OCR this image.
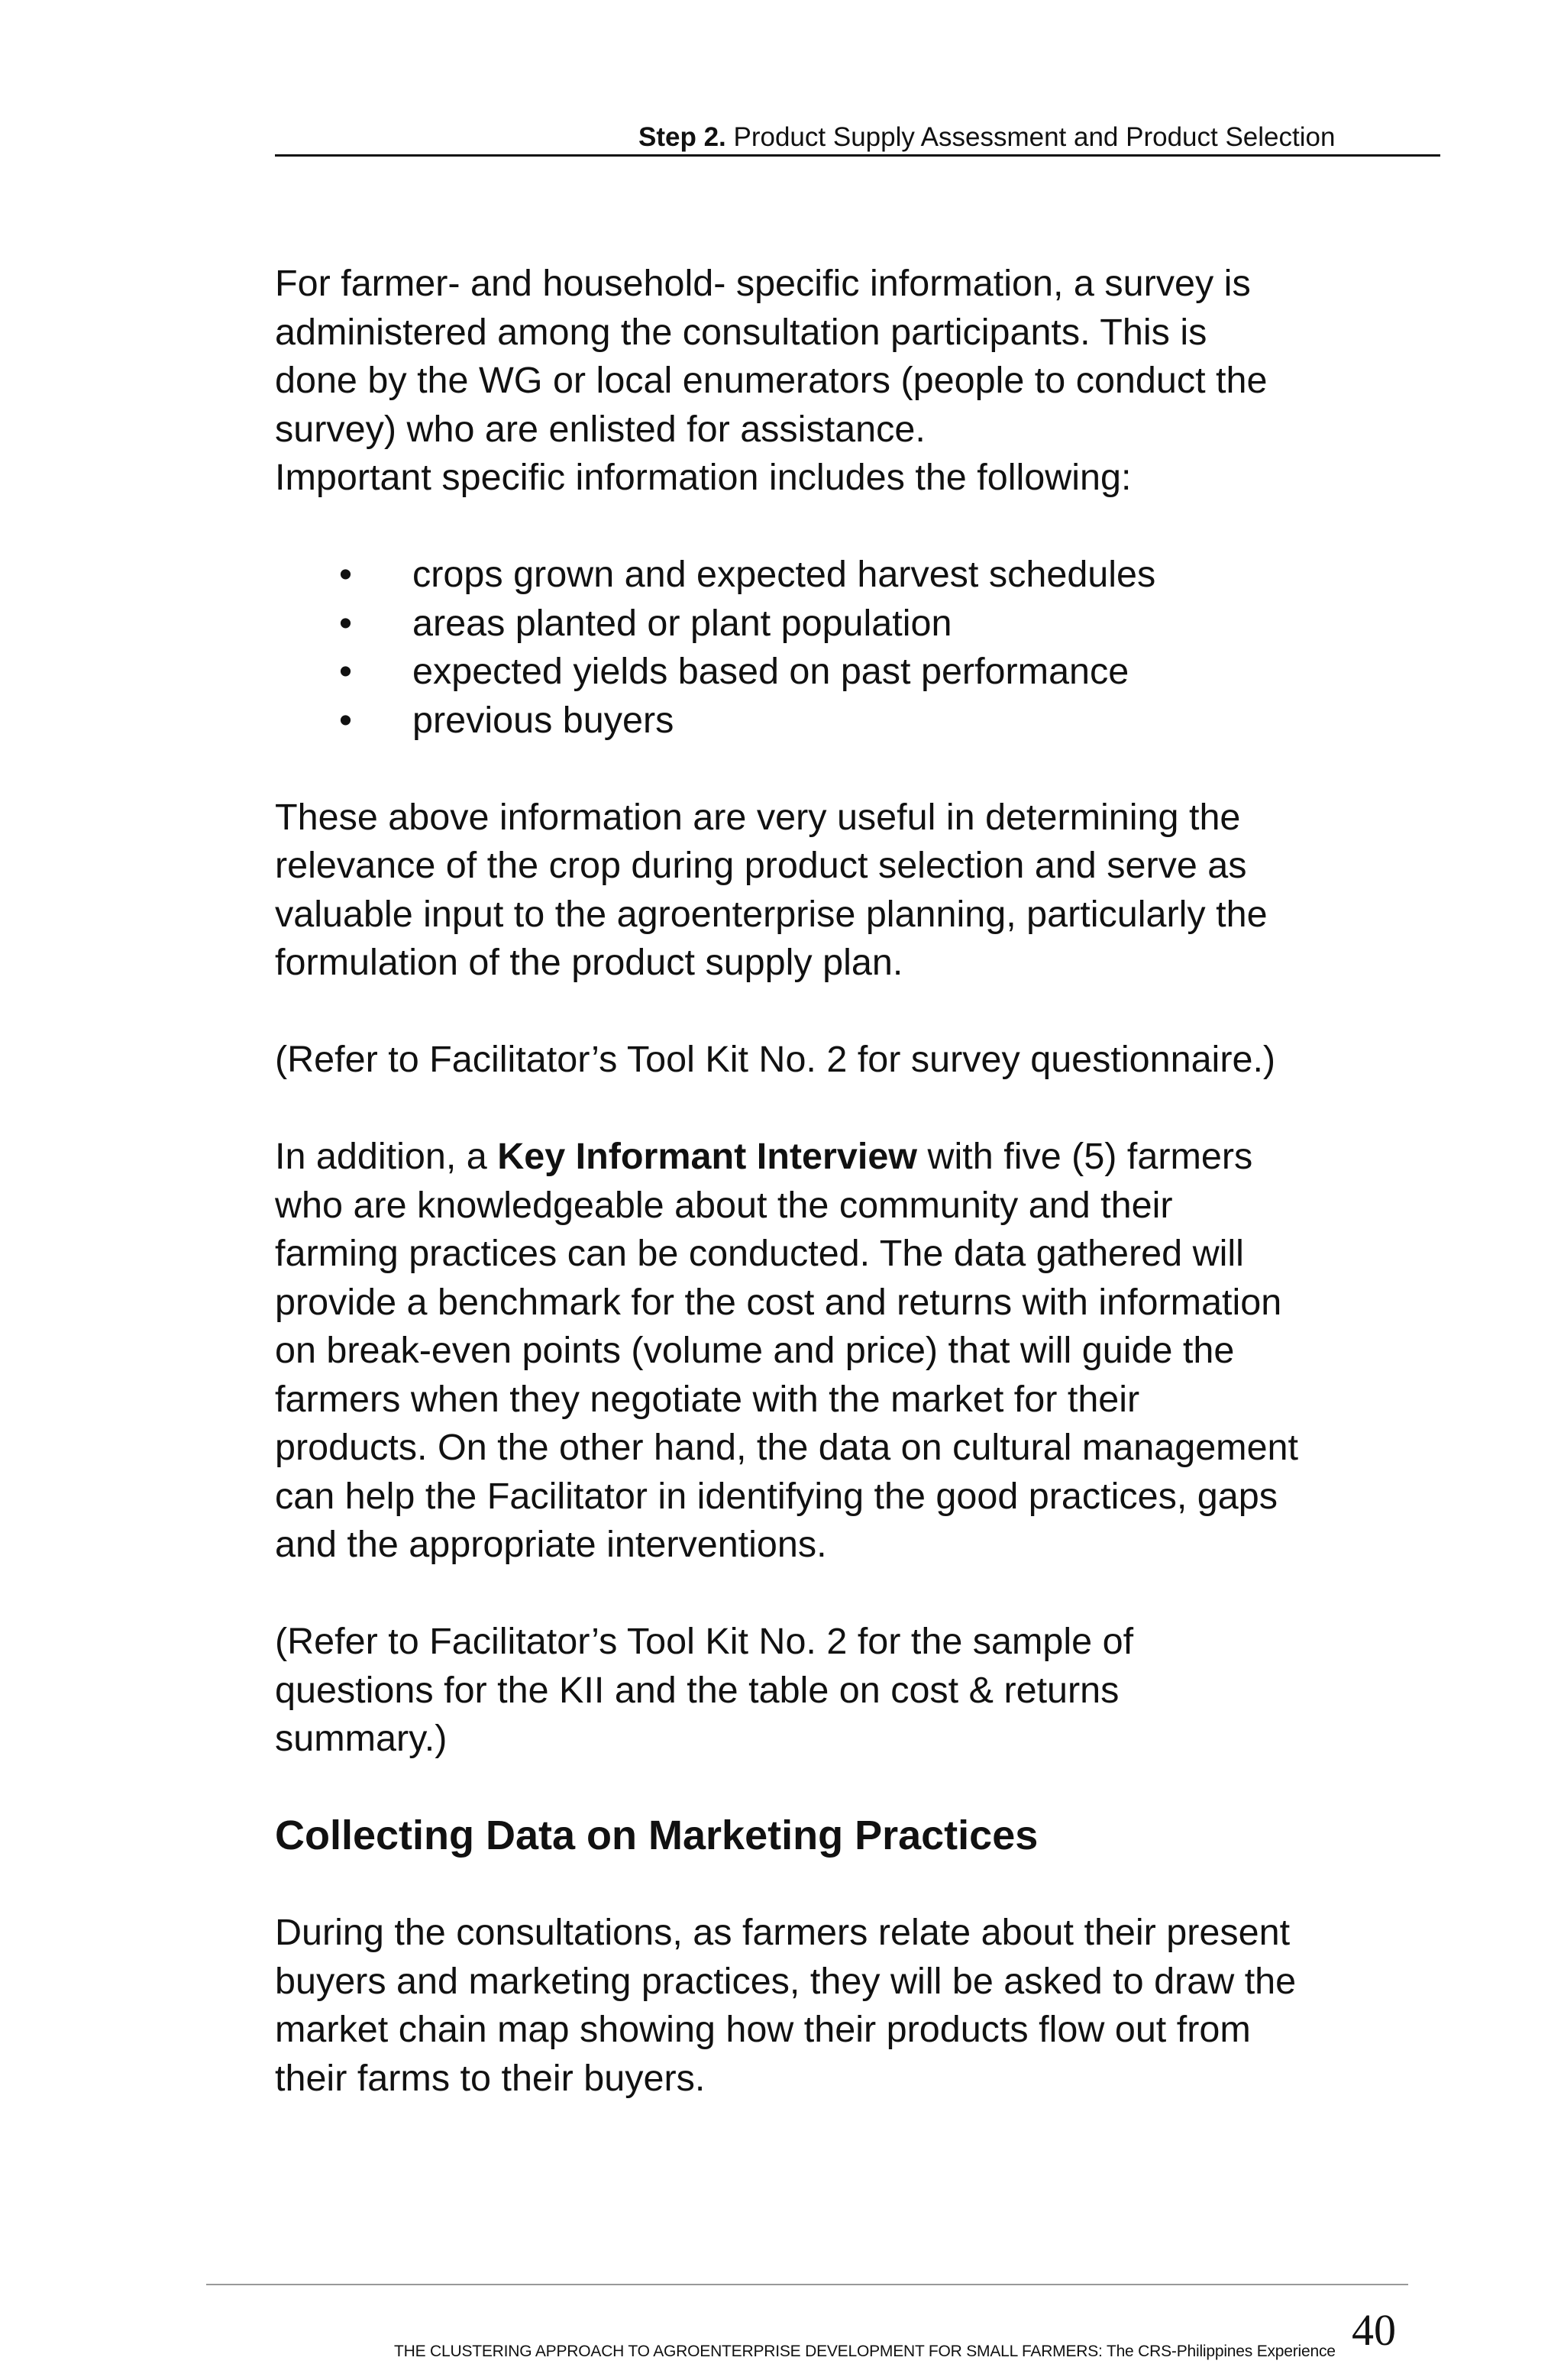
Step 2. Product Supply Assessment and Product Selection

For farmer- and household- specific information, a survey is
administered among the consultation participants. This is
done by the WG or local enumerators (people to conduct the
survey) who are enlisted for assistance.
Important specific information includes the following:

• crops grown and expected harvest schedules
• areas planted or plant population
• expected yields based on past performance
• previous buyers

These above information are very useful in determining the
relevance of the crop during product selection and serve as
valuable input to the agroenterprise planning, particularly the
formulation of the product supply plan.

(Refer to Facilitator’s Tool Kit No. 2 for survey questionnaire.)

In addition, a Key Informant Interview with five (5) farmers
who are knowledgeable about the community and their
farming practices can be conducted. The data gathered will
provide a benchmark for the cost and returns with information
on break-even points (volume and price) that will guide the
farmers when they negotiate with the market for their
products. On the other hand, the data on cultural management
can help the Facilitator in identifying the good practices, gaps
and the appropriate interventions.

(Refer to Facilitator’s Tool Kit No. 2 for the sample of
questions for the KII and the table on cost & returns
summary.)

Collecting Data on Marketing Practices

During the consultations, as farmers relate about their present
buyers and marketing practices, they will be asked to draw the
market chain map showing how their products flow out from
their farms to their buyers.

THE CLUSTERING APPROACH TO AGROENTERPRISE DEVELOPMENT FOR SMALL FARMERS: The CRS-Philippines Experience 40
